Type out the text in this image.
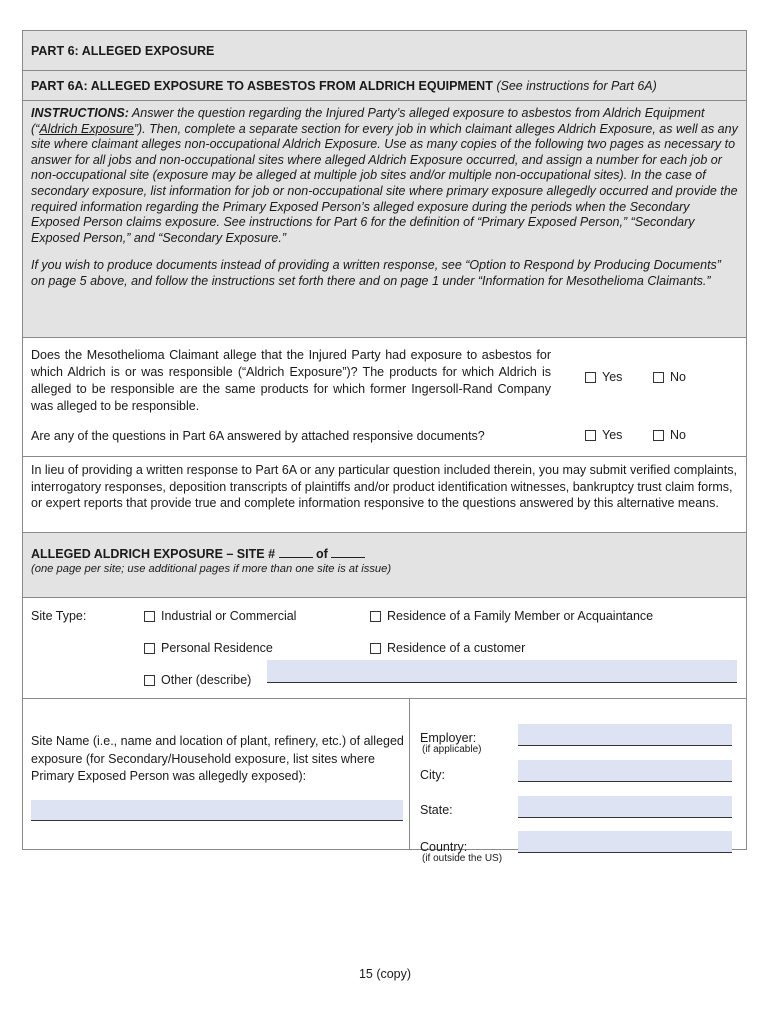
PART 6: ALLEGED EXPOSURE
PART 6A: ALLEGED EXPOSURE TO ASBESTOS FROM ALDRICH EQUIPMENT (See instructions for Part 6A)

INSTRUCTIONS: Answer the question regarding the Injured Party’s alleged exposure to asbestos from Aldrich Equipment (“Aldrich Exposure”). Then, complete a separate section for every job in which claimant alleges Aldrich Exposure, as well as any site where claimant alleges non-occupational Aldrich Exposure. Use as many copies of the following two pages as necessary to answer for all jobs and non-occupational sites where alleged Aldrich Exposure occurred, and assign a number for each job or non-occupational site (exposure may be alleged at multiple job sites and/or multiple non-occupational sites). In the case of secondary exposure, list information for job or non-occupational site where primary exposure allegedly occurred and provide the required information regarding the Primary Exposed Person’s alleged exposure during the periods when the Secondary Exposed Person claims exposure. See instructions for Part 6 for the definition of “Primary Exposed Person,” “Secondary Exposed Person,” and “Secondary Exposure.”

If you wish to produce documents instead of providing a written response, see “Option to Respond by Producing Documents” on page 5 above, and follow the instructions set forth there and on page 1 under “Information for Mesothelioma Claimants.”

Does the Mesothelioma Claimant allege that the Injured Party had exposure to asbestos for which Aldrich is or was responsible (“Aldrich Exposure”)? The products for which Aldrich is alleged to be responsible are the same products for which former Ingersoll-Rand Company was alleged to be responsible.
Yes	No
Are any of the questions in Part 6A answered by attached responsive documents?	Yes	No
In lieu of providing a written response to Part 6A or any particular question included therein, you may submit verified complaints, interrogatory responses, deposition transcripts of plaintiffs and/or product identification witnesses, bankruptcy trust claim forms, or expert reports that provide true and complete information responsive to the questions answered by this alternative means.
ALLEGED ALDRICH EXPOSURE – SITE #	of
(one page per site; use additional pages if more than one site is at issue)
Site Type:	Industrial or Commercial	Residence of a Family Member or Acquaintance
Personal Residence	Residence of a customer
Other (describe)
Site Name (i.e., name and location of plant, refinery, etc.) of alleged exposure (for Secondary/Household exposure, list sites where Primary Exposed Person was allegedly exposed):
Employer:
(if applicable)
City:
State:
Country:
(if outside the US)
15 (copy)
